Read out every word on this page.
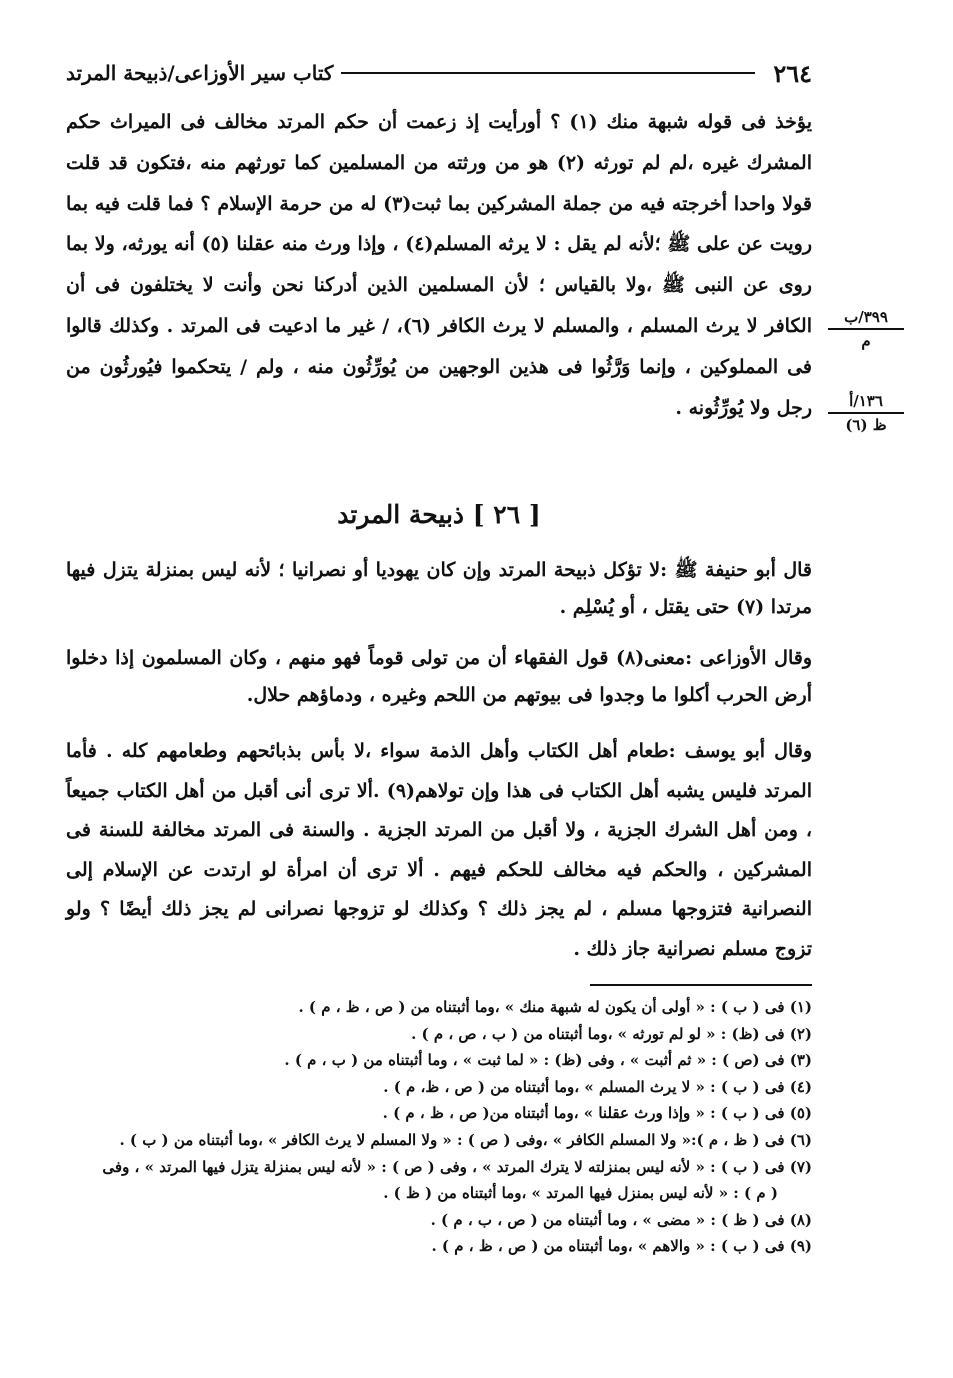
٢٦٤
كتاب سير الأوزاعى/ذبيحة المرتد

يؤخذ فى قوله شبهة منك (١) ؟ أورأيت إذ زعمت أن حكم المرتد مخالف فى الميراث حكم المشرك غيره ،لم لم تورثه (٢) هو من ورثته من المسلمين كما تورثهم منه ،فتكون قد قلت قولا واحدا أخرجته فيه من جملة المشركين بما ثبت(٣) له من حرمة الإسلام ؟ فما قلت فيه بما رويت عن على ﷺ ؛لأنه لم يقل : لا يرثه المسلم(٤) ، وإذا ورث منه عقلنا (٥) أنه يورثه، ولا بما روى عن النبى ﷺ ،ولا بالقياس ؛ لأن المسلمين الذين أدركنا نحن وأنت لا يختلفون فى أن الكافر لا يرث المسلم ، والمسلم لا يرث الكافر (٦)، / غير ما ادعيت فى المرتد . وكذلك قالوا فى المملوكين ، وإنما وَرَّثُوا فى هذين الوجهين من يُورِّثُون منه ، ولم / يتحكموا فيُورثُون من رجل ولا يُورِّثُونه .

٣٩٩/ب
م
١٣٦/أ
ظ (٦)
[ ٢٦ ] ذبيحة المرتد

قال أبو حنيفة ﷺ :لا تؤكل ذبيحة المرتد وإن كان يهوديا أو نصرانيا ؛ لأنه ليس بمنزلة يتزل فيها مرتدا (٧) حتى يقتل ، أو يُسْلِم .

وقال الأوزاعى :معنى(٨) قول الفقهاء أن من تولى قوماً فهو منهم ، وكان المسلمون إذا دخلوا أرض الحرب أكلوا ما وجدوا فى بيوتهم من اللحم وغيره ، ودماؤهم حلال.

وقال أبو يوسف :طعام أهل الكتاب وأهل الذمة سواء ،لا بأس بذبائحهم وطعامهم كله . فأما المرتد فليس يشبه أهل الكتاب فى هذا وإن تولاهم(٩) .ألا ترى أنى أقبل من أهل الكتاب جميعاً ، ومن أهل الشرك الجزية ، ولا أقبل من المرتد الجزية . والسنة فى المرتد مخالفة للسنة فى المشركين ، والحكم فيه مخالف للحكم فيهم . ألا ترى أن امرأة لو ارتدت عن الإسلام إلى النصرانية فتزوجها مسلم ، لم يجز ذلك ؟ وكذلك لو تزوجها نصرانى لم يجز ذلك أيضًا ؟ ولو تزوج مسلم نصرانية جاز ذلك .

(١) فى ( ب ) : « أولى أن يكون له شبهة منك » ،وما أثبتناه من ( ص ، ظ ، م ) .
(٢) فى (ظ) : « لو لم تورثه » ،وما أثبتناه من ( ب ، ص ، م ) .
(٣) فى (ص ) : « ثم أثبت » ، وفى (ظ) : « لما ثبت » ، وما أثبتناه من ( ب ، م ) .
(٤) فى ( ب ) : « لا يرث المسلم » ،وما أثبتناه من ( ص ، ظ، م ) .
(٥) فى ( ب ) : « وإذا ورث عقلنا » ،وما أثبتناه من( ص ، ظ ، م ) .
(٦) فى ( ظ ، م ):« ولا المسلم الكافر » ،وفى ( ص ) : « ولا المسلم لا يرث الكافر » ،وما أثبتناه من ( ب ) .
(٧) فى ( ب ) : « لأنه ليس بمنزلته لا يترك المرتد » ، وفى ( ص ) : « لأنه ليس بمنزلة يتزل فيها المرتد » ، وفى
( م ) : « لأنه ليس بمنزل فيها المرتد » ،وما أثبتناه من ( ظ ) .
(٨) فى ( ظ ) : « مضى » ، وما أثبتناه من ( ص ، ب ، م ) .
(٩) فى ( ب ) : « والاهم » ،وما أثبتناه من ( ص ، ظ ، م ) .
